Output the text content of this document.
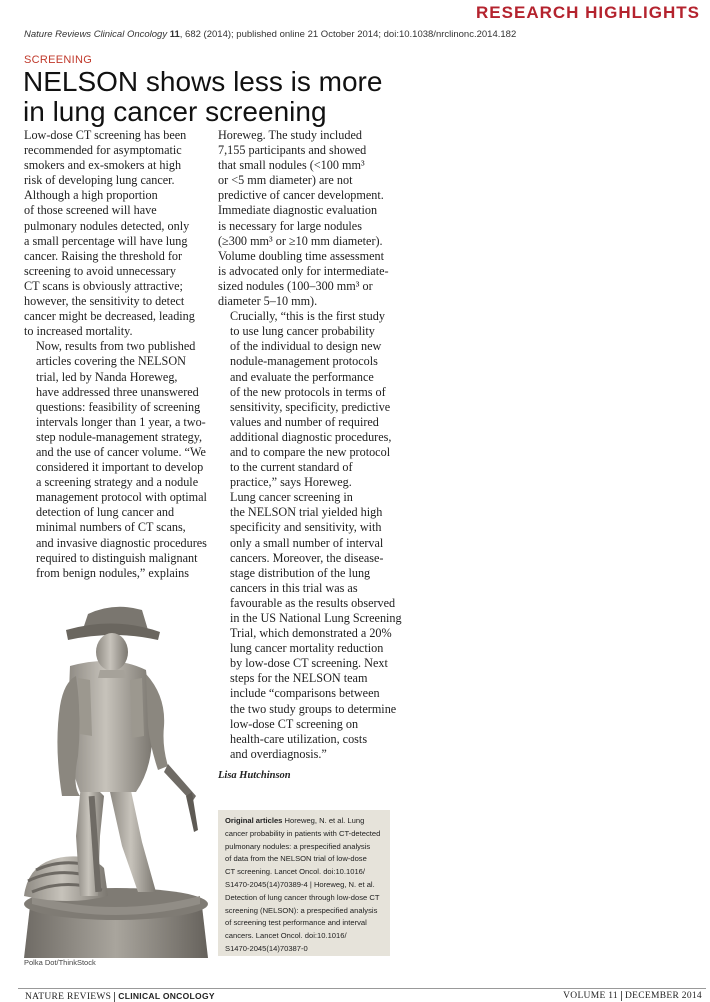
RESEARCH HIGHLIGHTS
Nature Reviews Clinical Oncology 11, 682 (2014); published online 21 October 2014; doi:10.1038/nrclinonc.2014.182
SCREENING
NELSON shows less is more in lung cancer screening

Low-dose CT screening has been
recommended for asymptomatic
smokers and ex-smokers at high
risk of developing lung cancer.
Although a high proportion
of those screened will have
pulmonary nodules detected, only
a small percentage will have lung
cancer. Raising the threshold for
screening to avoid unnecessary
CT scans is obviously attractive;
however, the sensitivity to detect
cancer might be decreased, leading
to increased mortality.

Now, results from two published
articles covering the NELSON
trial, led by Nanda Horeweg,
have addressed three unanswered
questions: feasibility of screening
intervals longer than 1 year, a two-
step nodule-management strategy,
and the use of cancer volume. “We
considered it important to develop
a screening strategy and a nodule
management protocol with optimal
detection of lung cancer and
minimal numbers of CT scans,
and invasive diagnostic procedures
required to distinguish malignant
from benign nodules,” explains

Horeweg. The study included
7,155 participants and showed
that small nodules (<100 mm³
or <5 mm diameter) are not
predictive of cancer development.
Immediate diagnostic evaluation
is necessary for large nodules
(≥300 mm³ or ≥10 mm diameter).
Volume doubling time assessment
is advocated only for intermediate-
sized nodules (100–300 mm³ or
diameter 5–10 mm).

Crucially, “this is the first study
to use lung cancer probability
of the individual to design new
nodule-management protocols
and evaluate the performance
of the new protocols in terms of
sensitivity, specificity, predictive
values and number of required
additional diagnostic procedures,
and to compare the new protocol
to the current standard of
practice,” says Horeweg.

Lung cancer screening in
the NELSON trial yielded high
specificity and sensitivity, with
only a small number of interval
cancers. Moreover, the disease-
stage distribution of the lung
cancers in this trial was as
favourable as the results observed
in the US National Lung Screening
Trial, which demonstrated a 20%
lung cancer mortality reduction
by low-dose CT screening. Next
steps for the NELSON team
include “comparisons between
the two study groups to determine
low-dose CT screening on
health-care utilization, costs
and overdiagnosis.”

Lisa Hutchinson
Original articles Horeweg, N. et al. Lung
cancer probability in patients with CT-detected
pulmonary nodules: a prespecified analysis
of data from the NELSON trial of low-dose
CT screening. Lancet Oncol. doi:10.1016/
S1470-2045(14)70389-4 | Horeweg, N. et al.
Detection of lung cancer through low-dose CT
screening (NELSON): a prespecified analysis
of screening test performance and interval
cancers. Lancet Oncol. doi:10.1016/
S1470-2045(14)70387-0
Polka Dot/ThinkStock
NATURE REVIEWS CLINICAL ONCOLOGY	VOLUME 11 DECEMBER 2014
